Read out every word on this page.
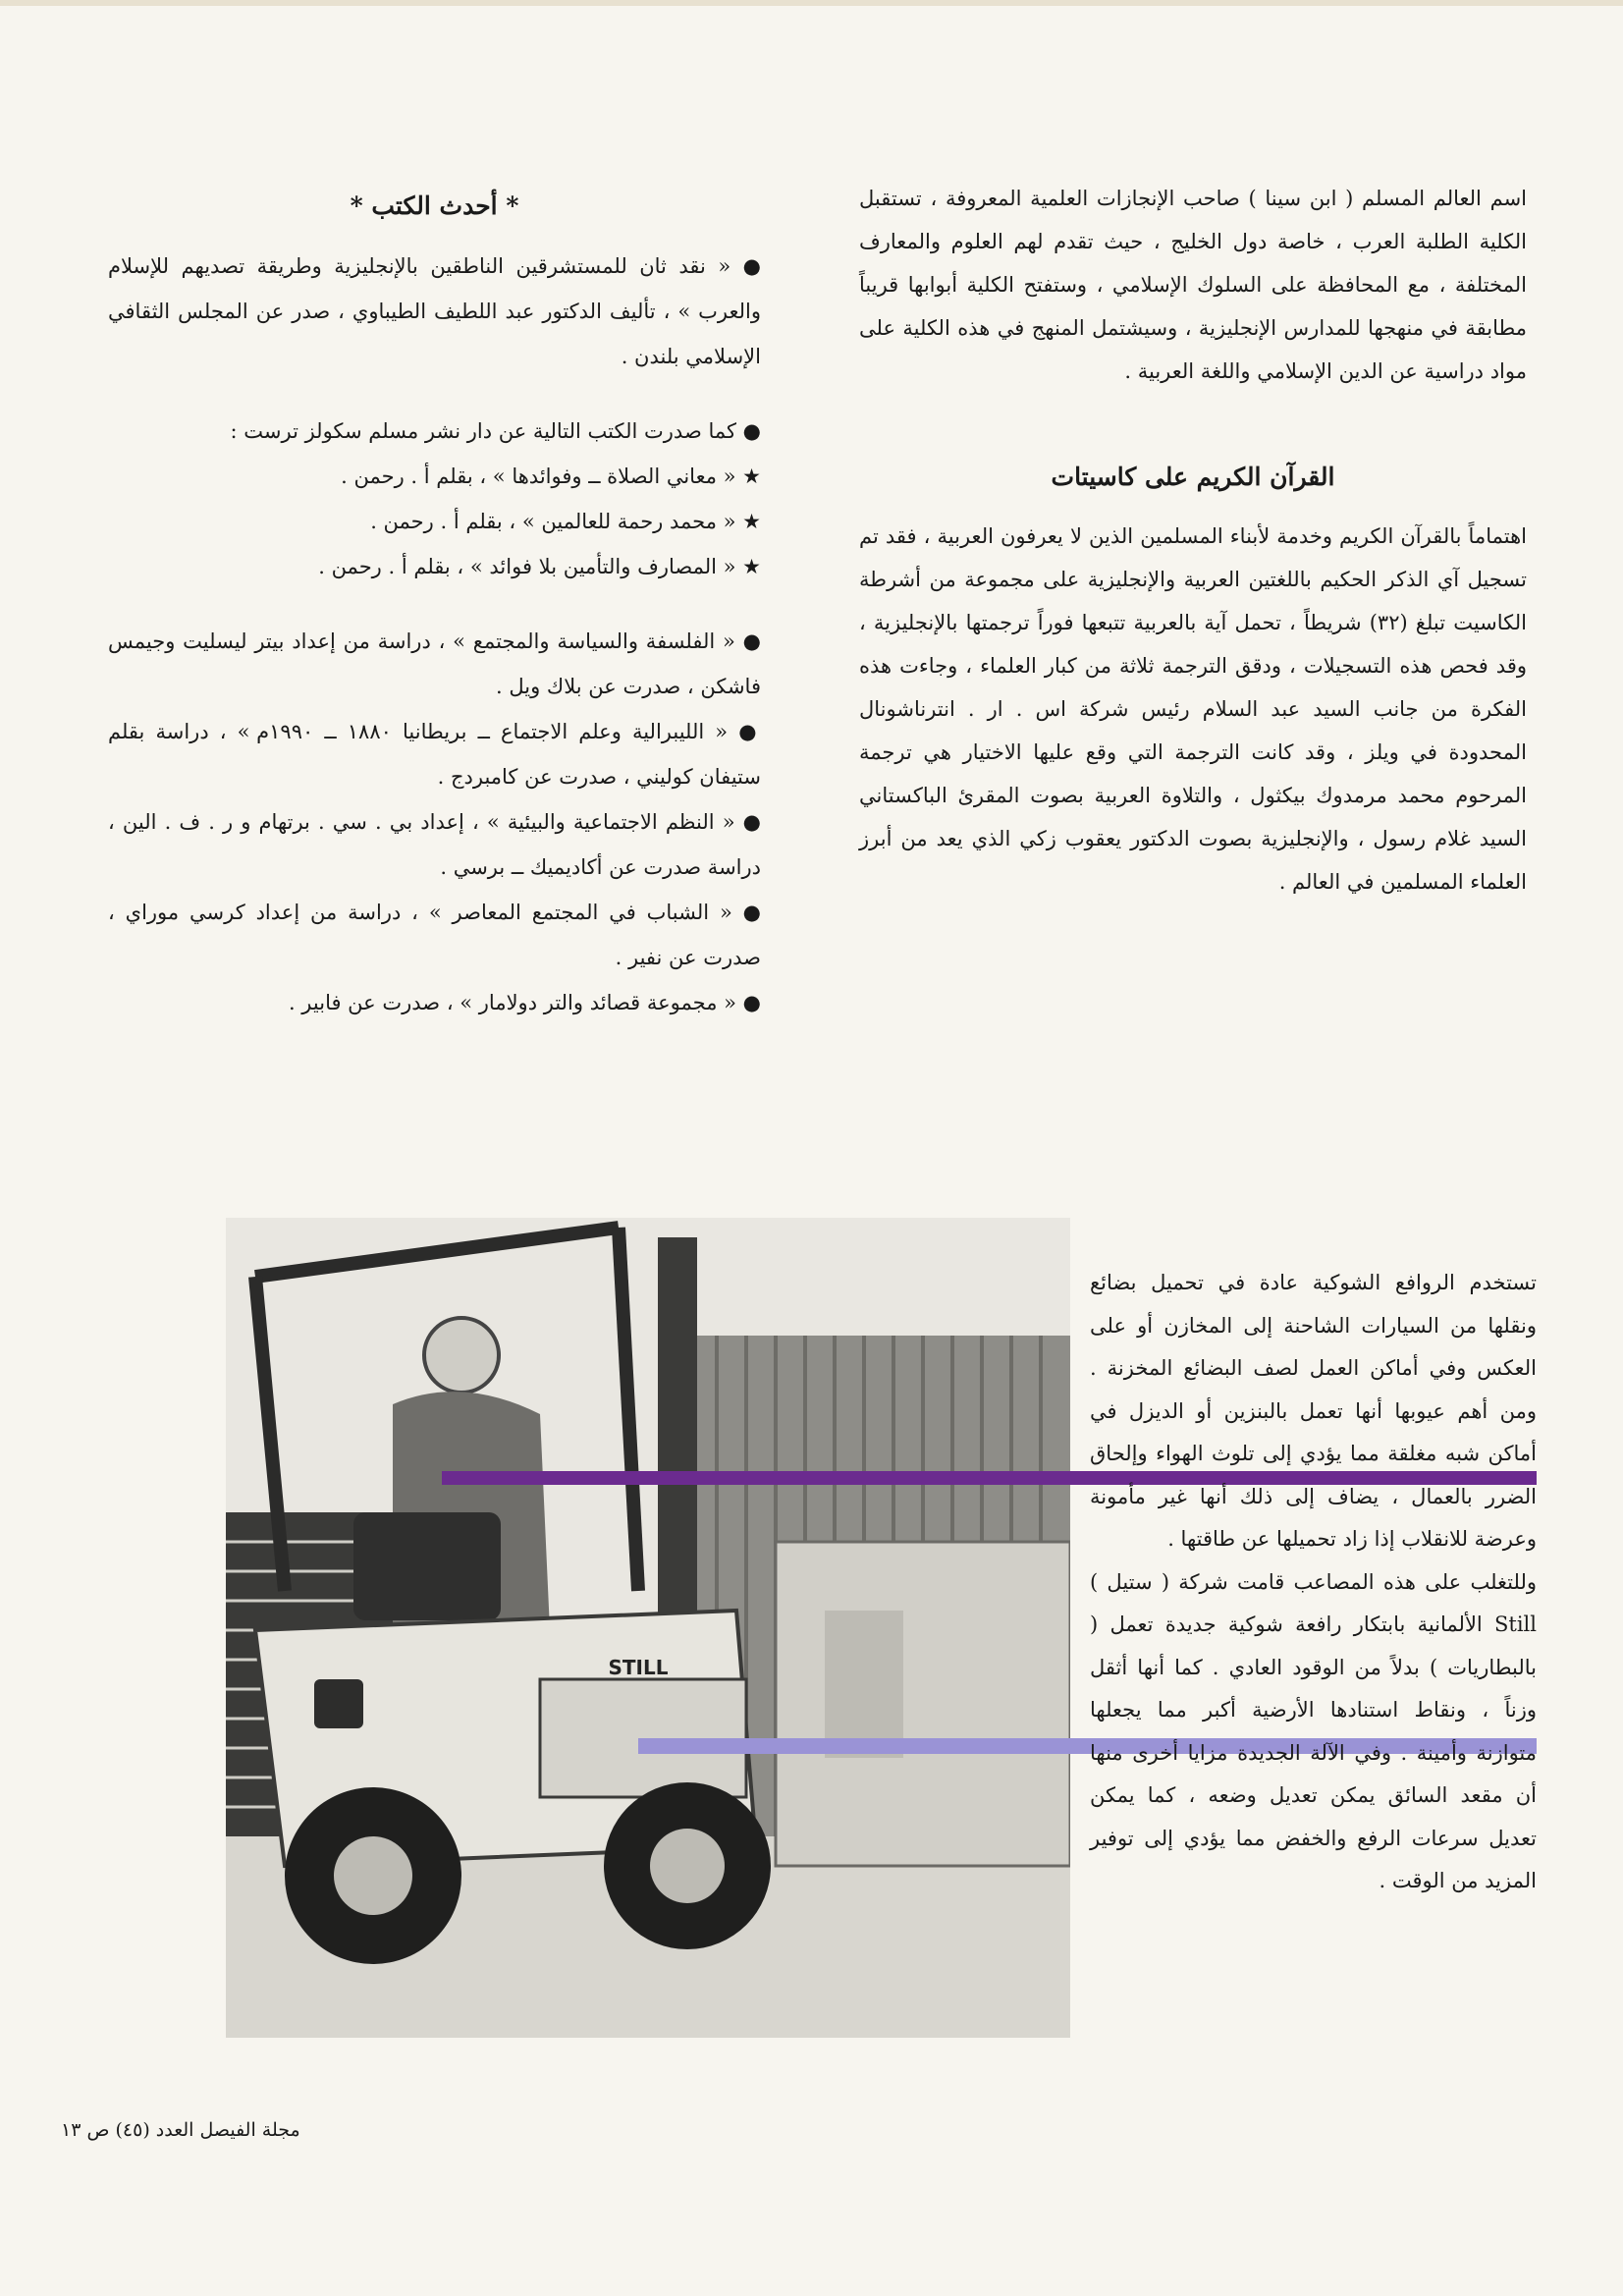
اسم العالم المسلم ( ابن سينا ) صاحب الإنجازات العلمية المعروفة ، تستقبل الكلية الطلبة العرب ، خاصة دول الخليج ، حيث تقدم لهم العلوم والمعارف المختلفة ، مع المحافظة على السلوك الإسلامي ، وستفتح الكلية أبوابها قريباً مطابقة في منهجها للمدارس الإنجليزية ، وسيشتمل المنهج في هذه الكلية على مواد دراسية عن الدين الإسلامي واللغة العربية .

القرآن الكريم على كاسيتات

اهتماماً بالقرآن الكريم وخدمة لأبناء المسلمين الذين لا يعرفون العربية ، فقد تم تسجيل آي الذكر الحكيم باللغتين العربية والإنجليزية على مجموعة من أشرطة الكاسيت تبلغ (٣٢) شريطاً ، تحمل آية بالعربية تتبعها فوراً ترجمتها بالإنجليزية ، وقد فحص هذه التسجيلات ، ودقق الترجمة ثلاثة من كبار العلماء ، وجاءت هذه الفكرة من جانب السيد عبد السلام رئيس شركة اس . ار . انترناشونال المحدودة في ويلز ، وقد كانت الترجمة التي وقع عليها الاختيار هي ترجمة المرحوم محمد مرمدوك بيكثول ، والتلاوة العربية بصوت المقرئ الباكستاني السيد غلام رسول ، والإنجليزية بصوت الدكتور يعقوب زكي الذي يعد من أبرز العلماء المسلمين في العالم .

* أحدث الكتب *

● « نقد ثان للمستشرقين الناطقين بالإنجليزية وطريقة تصديهم للإسلام والعرب » ، تأليف الدكتور عبد اللطيف الطيباوي ، صدر عن المجلس الثقافي الإسلامي بلندن .

● كما صدرت الكتب التالية عن دار نشر مسلم سكولز ترست :

★ « معاني الصلاة ــ وفوائدها » ، بقلم أ . رحمن .

★ « محمد رحمة للعالمين » ، بقلم أ . رحمن .

★ « المصارف والتأمين بلا فوائد » ، بقلم أ . رحمن .

● « الفلسفة والسياسة والمجتمع » ، دراسة من إعداد بيتر ليسليت وجيمس فاشكن ، صدرت عن بلاك ويل .

● « الليبرالية وعلم الاجتماع ــ بريطانيا ١٨٨٠ ــ ١٩٩٠م » ، دراسة بقلم ستيفان كوليني ، صدرت عن كامبردج .

● « النظم الاجتماعية والبيئية » ، إعداد بي . سي . برتهام و ر . ف . الين ، دراسة صدرت عن أكاديميك ــ برسي .

● « الشباب في المجتمع المعاصر » ، دراسة من إعداد كرسي موراي ، صدرت عن نفير .

● « مجموعة قصائد والتر دولامار » ، صدرت عن فابير .

STILL

تستخدم الروافع الشوكية عادة في تحميل بضائع ونقلها من السيارات الشاحنة إلى المخازن أو على العكس وفي أماكن العمل لصف البضائع المخزنة . ومن أهم عيوبها أنها تعمل بالبنزين أو الديزل في أماكن شبه مغلقة مما يؤدي إلى تلوث الهواء وإلحاق الضرر بالعمال ، يضاف إلى ذلك أنها غير مأمونة وعرضة للانقلاب إذا زاد تحميلها عن طاقتها .

وللتغلب على هذه المصاعب قامت شركة ( ستيل ) Still الألمانية بابتكار رافعة شوكية جديدة تعمل ( بالبطاريات ) بدلاً من الوقود العادي . كما أنها أثقل وزناً ، ونقاط استنادها الأرضية أكبر مما يجعلها متوازنة وأمينة . وفي الآلة الجديدة مزايا أخرى منها أن مقعد السائق يمكن تعديل وضعه ، كما يمكن تعديل سرعات الرفع والخفض مما يؤدي إلى توفير المزيد من الوقت .

مجلة الفيصل العدد (٤٥) ص ١٣
